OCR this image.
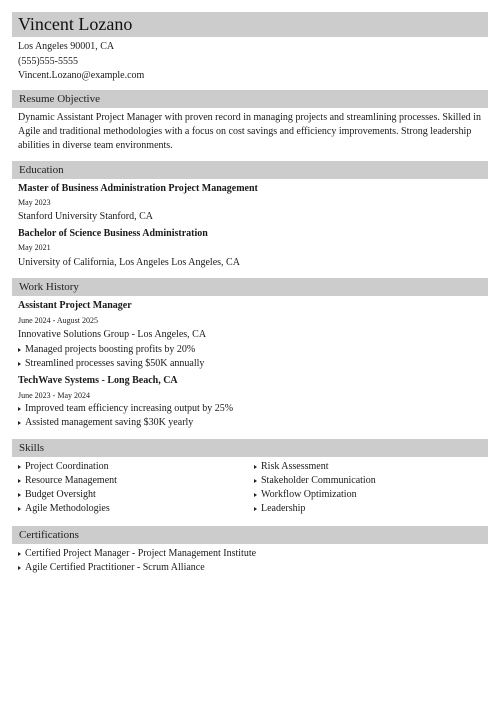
Vincent Lozano
Los Angeles 90001, CA
(555)555-5555
Vincent.Lozano@example.com
Resume Objective
Dynamic Assistant Project Manager with proven record in managing projects and streamlining processes. Skilled in Agile and traditional methodologies with a focus on cost savings and efficiency improvements. Strong leadership abilities in diverse team environments.
Education
Master of Business Administration Project Management
May 2023
Stanford University Stanford, CA
Bachelor of Science Business Administration
May 2021
University of California, Los Angeles Los Angeles, CA
Work History
Assistant Project Manager
June 2024 - August 2025
Innovative Solutions Group - Los Angeles, CA
Managed projects boosting profits by 20%
Streamlined processes saving $50K annually
TechWave Systems - Long Beach, CA
June 2023 - May 2024
Improved team efficiency increasing output by 25%
Assisted management saving $30K yearly
Skills
Project Coordination
Resource Management
Budget Oversight
Agile Methodologies
Risk Assessment
Stakeholder Communication
Workflow Optimization
Leadership
Certifications
Certified Project Manager - Project Management Institute
Agile Certified Practitioner - Scrum Alliance
